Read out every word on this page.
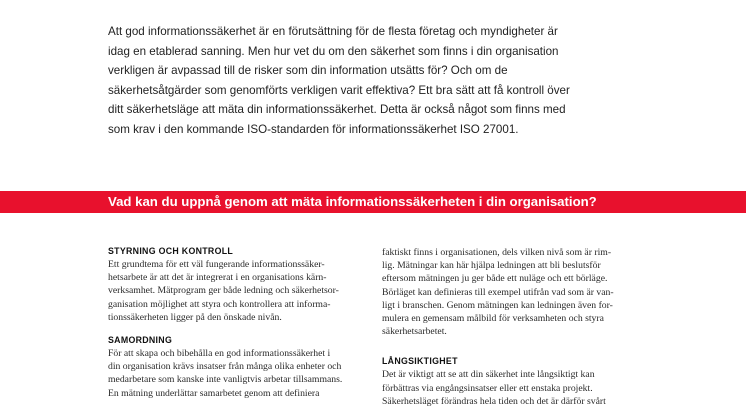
Att god informationssäkerhet är en förutsättning för de flesta företag och myndigheter är

idag en etablerad sanning. Men hur vet du om den säkerhet som finns i din organisation

verkligen är avpassad till de risker som din information utsätts för? Och om de

säkerhetsåtgärder som genomförts verkligen varit effektiva? Ett bra sätt att få kontroll över

ditt säkerhetsläge att mäta din informationssäkerhet. Detta är också något som finns med

som krav i den kommande ISO-standarden för informationssäkerhet ISO 27001.

Vad kan du uppnå genom att mäta informationssäkerheten i din organisation?
STYRNING OCH KONTROLL
Ett grundtema för ett väl fungerande informationssäker-
hetsarbete är att det är integrerat i en organisations kärn-
verksamhet. Mätprogram ger både ledning och säkerhetsor-
ganisation möjlighet att styra och kontrollera att informa-
tionssäkerheten ligger på den önskade nivån.
SAMORDNING
För att skapa och bibehålla en god informationssäkerhet i
din organisation krävs insatser från många olika enheter och
medarbetare som kanske inte vanligtvis arbetar tillsammans.
En mätning underlättar samarbetet genom att definiera
faktiskt finns i organisationen, dels vilken nivå som är rim-
lig. Mätningar kan här hjälpa ledningen att bli beslutsför
eftersom mätningen ju ger både ett nuläge och ett börläge.
Börläget kan definieras till exempel utifrån vad som är van-
ligt i branschen. Genom mätningen kan ledningen även for-
mulera en gemensam målbild för verksamheten och styra
säkerhetsarbetet.
LÅNGSIKTIGHET
Det är viktigt att se att din säkerhet inte långsiktigt kan
förbättras via engångsinsatser eller ett enstaka projekt.
Säkerhetsläget förändras hela tiden och det är därför svårt
